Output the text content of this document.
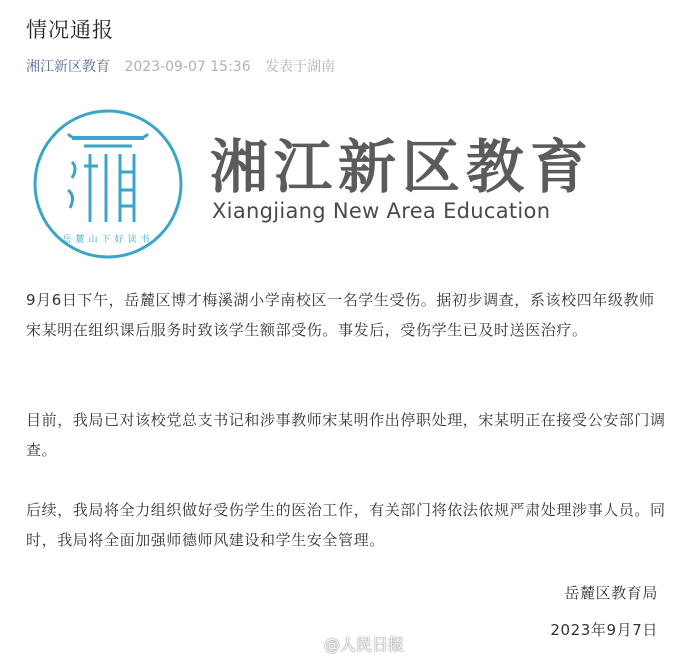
情况通报
湘江新区教育 2023-09-07 15:36 发表于湖南
岳麓山下好读书
湘江新区教育
Xiangjiang New Area Education

9月6日下午，岳麓区博才梅溪湖小学南校区一名学生受伤。据初步调查，系该校四年级教师宋某明在组织课后服务时致该学生额部受伤。事发后，受伤学生已及时送医治疗。

目前，我局已对该校党总支书记和涉事教师宋某明作出停职处理，宋某明正在接受公安部门调查。

后续，我局将全力组织做好受伤学生的医治工作，有关部门将依法依规严肃处理涉事人员。同时，我局将全面加强师德师风建设和学生安全管理。

岳麓区教育局
2023年9月7日
@人民日报
